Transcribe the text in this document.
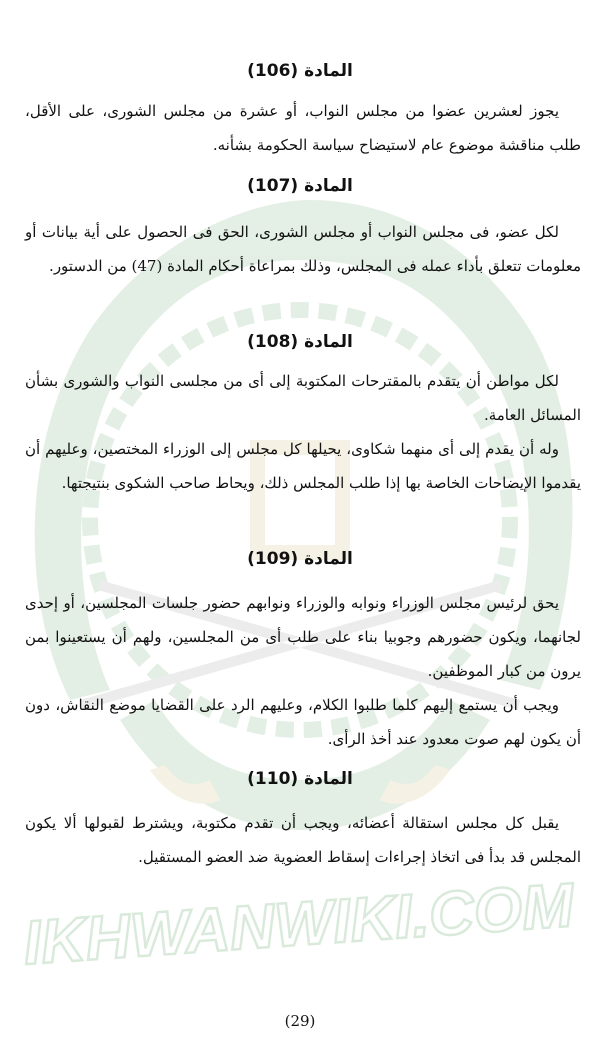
IKHWANWIKI.COM
المادة (106)
يجوز لعشرين عضوا من مجلس النواب، أو عشرة من مجلس الشورى، على الأقل، طلب مناقشة موضوع عام لاستيضاح سياسة الحكومة بشأنه.
المادة (107)
لكل عضو، فى مجلس النواب أو مجلس الشورى، الحق فى الحصول على أية بيانات أو معلومات تتعلق بأداء عمله فى المجلس، وذلك بمراعاة أحكام المادة (47) من الدستور.
المادة (108)
لكل مواطن أن يتقدم بالمقترحات المكتوبة إلى أى من مجلسى النواب والشورى بشأن المسائل العامة.
وله أن يقدم إلى أى منهما شكاوى، يحيلها كل مجلس إلى الوزراء المختصين، وعليهم أن يقدموا الإيضاحات الخاصة بها إذا طلب المجلس ذلك، ويحاط صاحب الشكوى بنتيجتها.
المادة (109)
يحق لرئيس مجلس الوزراء ونوابه والوزراء ونوابهم حضور جلسات المجلسين، أو إحدى لجانهما، ويكون حضورهم وجوبيا بناء على طلب أى من المجلسين، ولهم أن يستعينوا بمن يرون من كبار الموظفين.
ويجب أن يستمع إليهم كلما طلبوا الكلام، وعليهم الرد على القضايا موضع النقاش، دون أن يكون لهم صوت معدود عند أخذ الرأى.
المادة (110)
يقبل كل مجلس استقالة أعضائه، ويجب أن تقدم مكتوبة، ويشترط لقبولها ألا يكون المجلس قد بدأ فى اتخاذ إجراءات إسقاط العضوية ضد العضو المستقيل.
(29)
